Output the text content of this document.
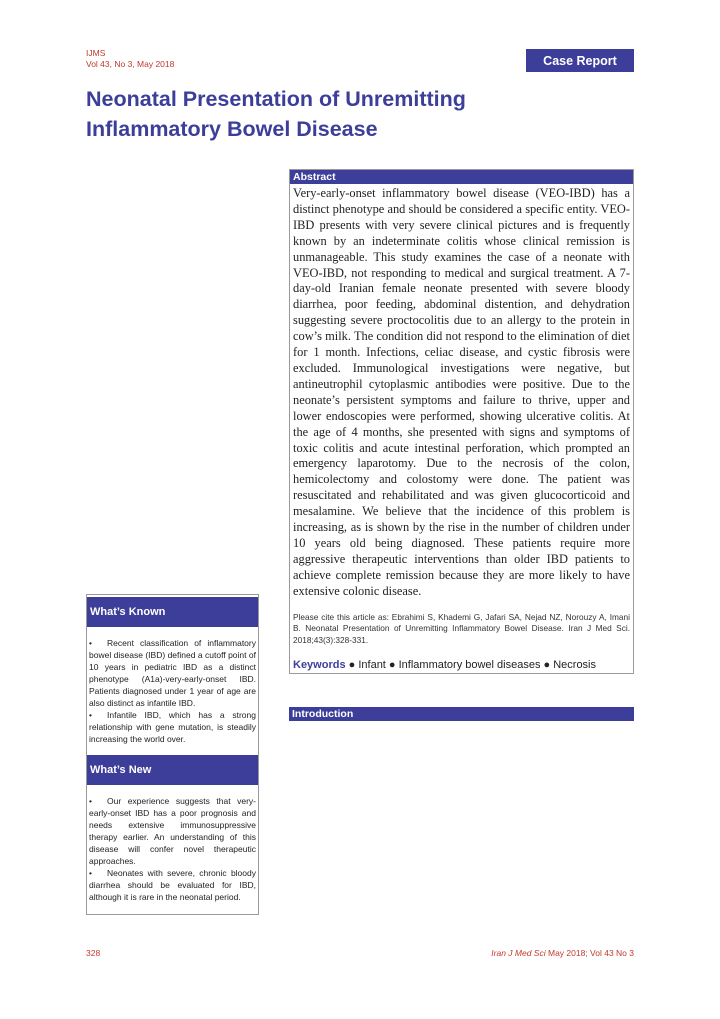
IJMS
Vol 43, No 3, May 2018	Case Report
Neonatal Presentation of Unremitting
Inflammatory Bowel Disease
Abstract

Very-early-onset inflammatory bowel disease (VEO-IBD) has a distinct phenotype and should be considered a specific entity. VEO-IBD presents with very severe clinical pictures and is frequently known by an indeterminate colitis whose clinical remission is unmanageable. This study examines the case of a neonate with VEO-IBD, not responding to medical and surgical treatment. A 7-day-old Iranian female neonate presented with severe bloody diarrhea, poor feeding, abdominal distention, and dehydration suggesting severe proctocolitis due to an allergy to the protein in cow’s milk. The condition did not respond to the elimination of diet for 1 month. Infections, celiac disease, and cystic fibrosis were excluded. Immunological investigations were negative, but antineutrophil cytoplasmic antibodies were positive. Due to the neonate’s persistent symptoms and failure to thrive, upper and lower endoscopies were performed, showing ulcerative colitis. At the age of 4 months, she presented with signs and symptoms of toxic colitis and acute intestinal perforation, which prompted an emergency laparotomy. Due to the necrosis of the colon, hemicolectomy and colostomy were done. The patient was resuscitated and rehabilitated and was given glucocorticoid and mesalamine. We believe that the incidence of this problem is increasing, as is shown by the rise in the number of children under 10 years old being diagnosed. These patients require more aggressive therapeutic interventions than older IBD patients to achieve complete remission because they are more likely to have extensive colonic disease.

Please cite this article as: Ebrahimi S, Khademi G, Jafari SA, Nejad NZ, Norouzy A, Imani B. Neonatal Presentation of Unremitting Inflammatory Bowel Disease. Iran J Med Sci. 2018;43(3):328-331.

Keywords ● Infant ● Inflammatory bowel diseases ● Necrosis
Introduction
What’s Known
• Recent classification of inflammatory bowel disease (IBD) defined a cutoff point of 10 years in pediatric IBD as a distinct phenotype (A1a)-very-early-onset IBD. Patients diagnosed under 1 year of age are also distinct as infantile IBD.
• Infantile IBD, which has a strong relationship with gene mutation, is steadily increasing the world over.
What’s New
• Our experience suggests that very-early-onset IBD has a poor prognosis and needs extensive immunosuppressive therapy earlier. An understanding of this disease will confer novel therapeutic approaches.
• Neonates with severe, chronic bloody diarrhea should be evaluated for IBD, although it is rare in the neonatal period.
328	Iran J Med Sci May 2018; Vol 43 No 3
